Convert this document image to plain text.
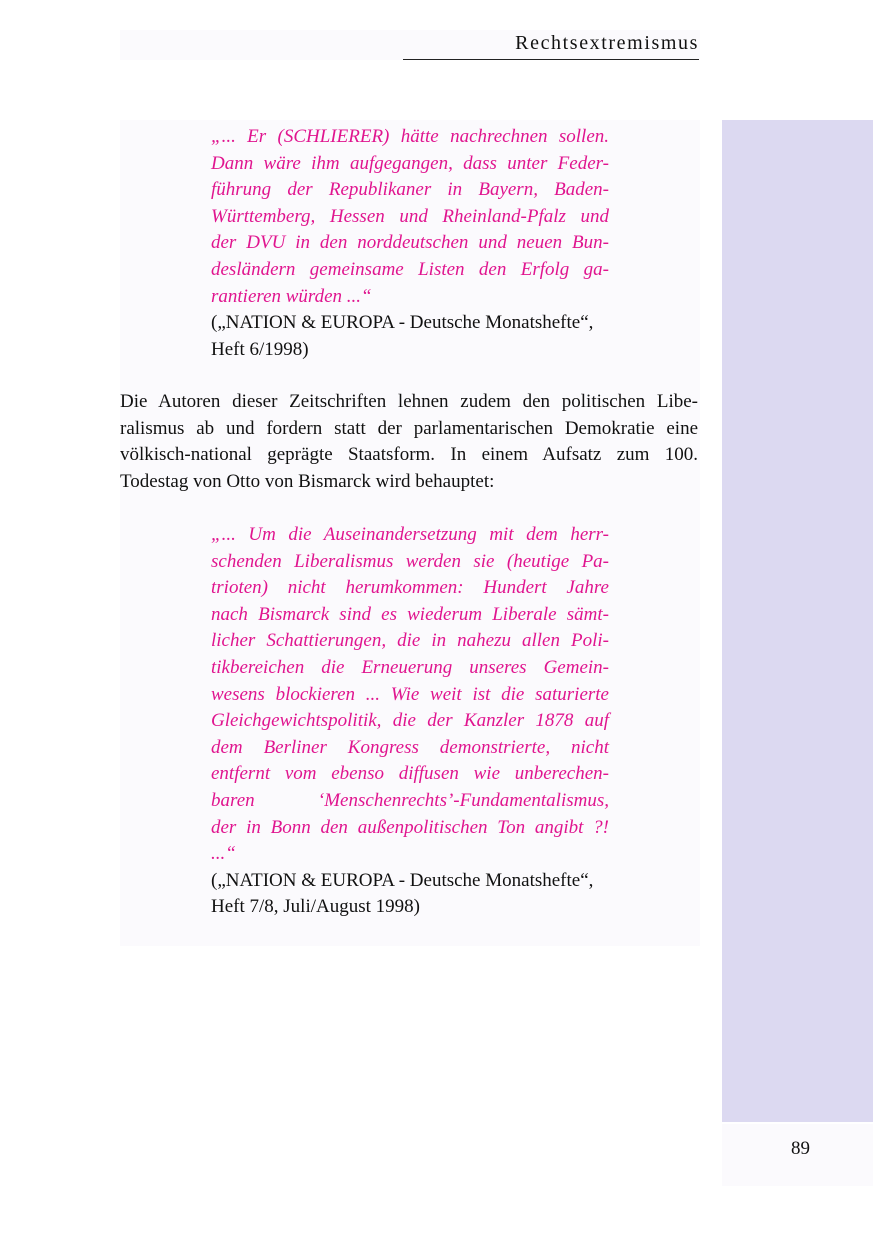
Rechtsextremismus
„... Er (SCHLIERER) hätte nachrechnen sollen.
Dann wäre ihm aufgegangen, dass unter Feder-
führung der Republikaner in Bayern, Baden-
Württemberg, Hessen und Rheinland-Pfalz und
der DVU in den norddeutschen und neuen Bun-
desländern gemeinsame Listen den Erfolg ga-
rantieren würden ...“
(„NATION & EUROPA - Deutsche Monatshefte“,
Heft 6/1998)
Die Autoren dieser Zeitschriften lehnen zudem den politischen Libe-
ralismus ab und fordern statt der parlamentarischen Demokratie eine
völkisch-national geprägte Staatsform. In einem Aufsatz zum 100.
Todestag von Otto von Bismarck wird behauptet:
„... Um die Auseinandersetzung mit dem herr-
schenden Liberalismus werden sie (heutige Pa-
trioten) nicht herumkommen: Hundert Jahre
nach Bismarck sind es wiederum Liberale sämt-
licher Schattierungen, die in nahezu allen Poli-
tikbereichen die Erneuerung unseres Gemein-
wesens blockieren ... Wie weit ist die saturierte
Gleichgewichtspolitik, die der Kanzler 1878 auf
dem Berliner Kongress demonstrierte, nicht
entfernt vom ebenso diffusen wie unberechen-
baren ‘Menschenrechts’-Fundamentalismus,
der in Bonn den außenpolitischen Ton angibt ?!
...“
(„NATION & EUROPA - Deutsche Monatshefte“,
Heft 7/8, Juli/August 1998)
89
